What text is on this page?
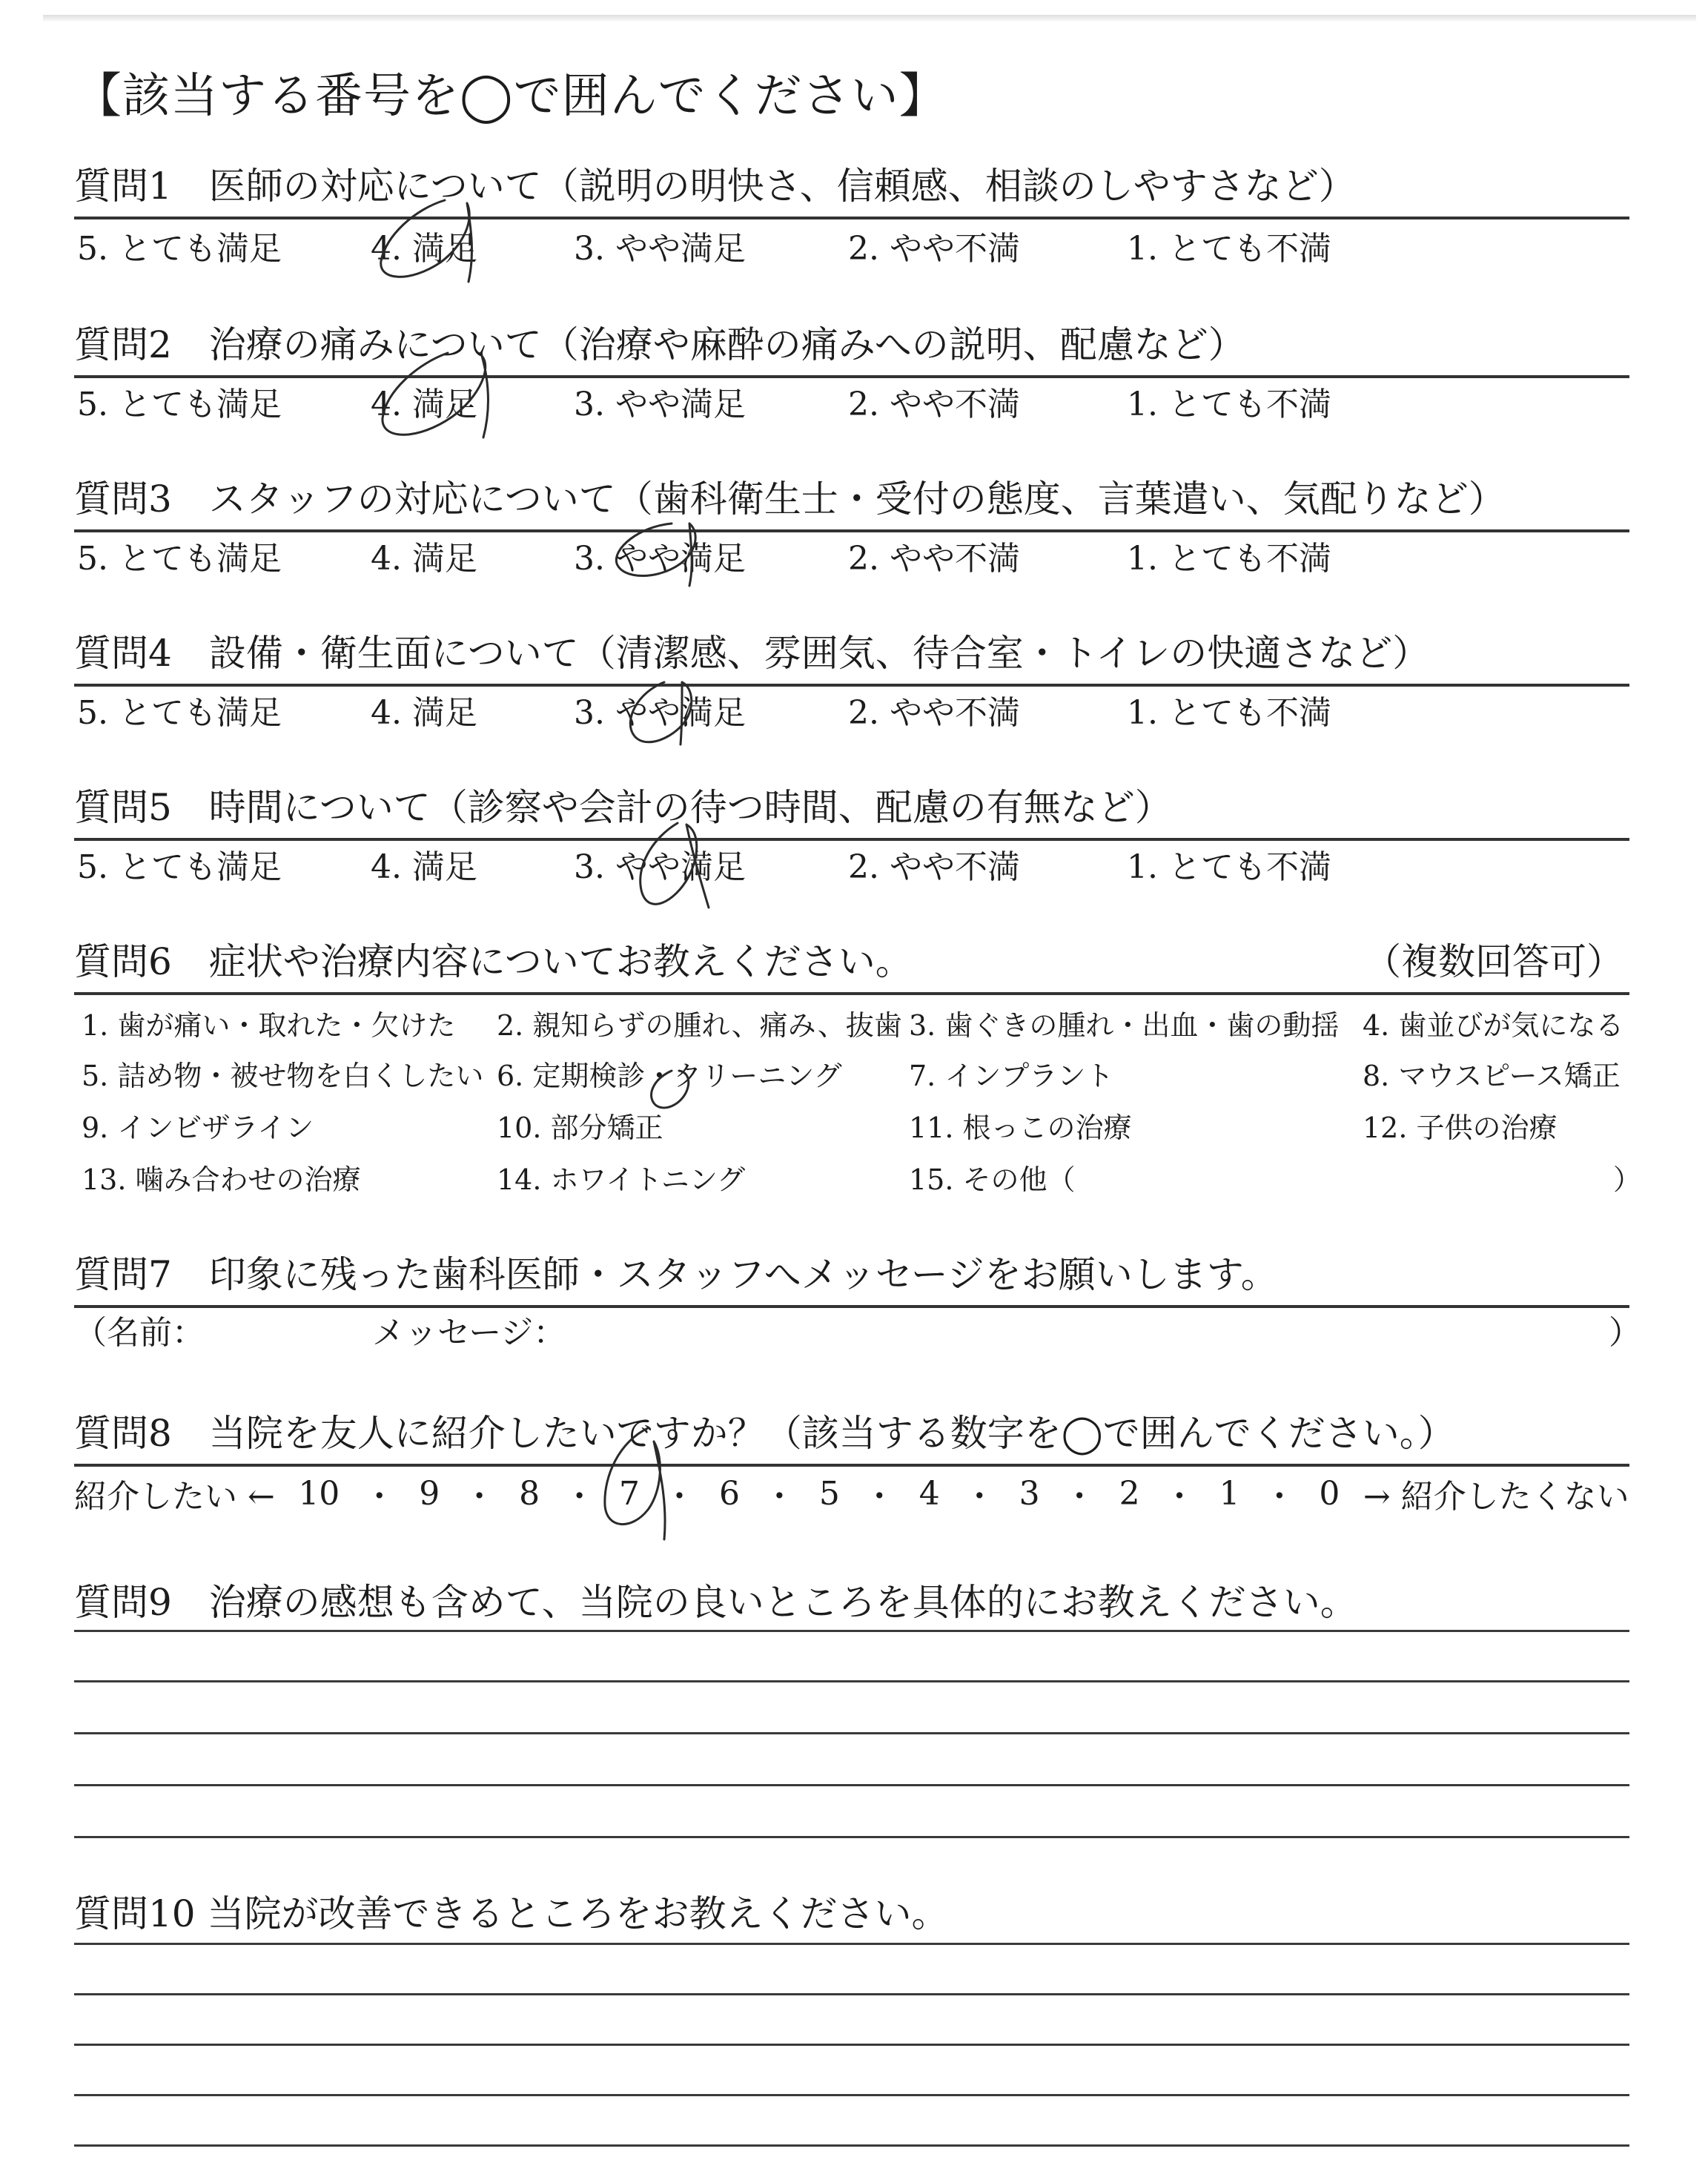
【該当する番号を◯で囲んでください】
質問1　医師の対応について（説明の明快さ、信頼感、相談のしやすさなど）
5. とても満足	4. 満足	3. やや満足	2. やや不満	1. とても不満
質問2　治療の痛みについて（治療や麻酔の痛みへの説明、配慮など）
5. とても満足	4. 満足	3. やや満足	2. やや不満	1. とても不満
質問3　スタッフの対応について（歯科衛生士・受付の態度、言葉遣い、気配りなど）
5. とても満足	4. 満足	3. やや満足	2. やや不満	1. とても不満
質問4　設備・衛生面について（清潔感、雰囲気、待合室・トイレの快適さなど）
5. とても満足	4. 満足	3. やや満足	2. やや不満	1. とても不満
質問5　時間について（診察や会計の待つ時間、配慮の有無など）
5. とても満足	4. 満足	3. やや満足	2. やや不満	1. とても不満
質問6　症状や治療内容についてお教えください。	（複数回答可）
1. 歯が痛い・取れた・欠けた 2. 親知らずの腫れ、痛み、抜歯 3. 歯ぐきの腫れ・出血・歯の動揺 4. 歯並びが気になる
5. 詰め物・被せ物を白くしたい 6. 定期検診・クリーニング 7. インプラント	8. マウスピース矯正
9. インビザライン	10. 部分矯正	11. 根っこの治療	12. 子供の治療
13. 噛み合わせの治療	14. ホワイトニング	15. その他（	）
質問7　印象に残った歯科医師・スタッフへメッセージをお願いします。
（名前：	メッセージ：	）
質問8　当院を友人に紹介したいですか？（該当する数字を◯で囲んでください。）
紹介したい ← 10 ・ 9 ・ 8 ・ 7 ・ 6 ・ 5 ・ 4 ・ 3 ・ 2 ・ 1 ・ 0 → 紹介したくない
質問9　治療の感想も含めて、当院の良いところを具体的にお教えください。
質問10 当院が改善できるところをお教えください。
